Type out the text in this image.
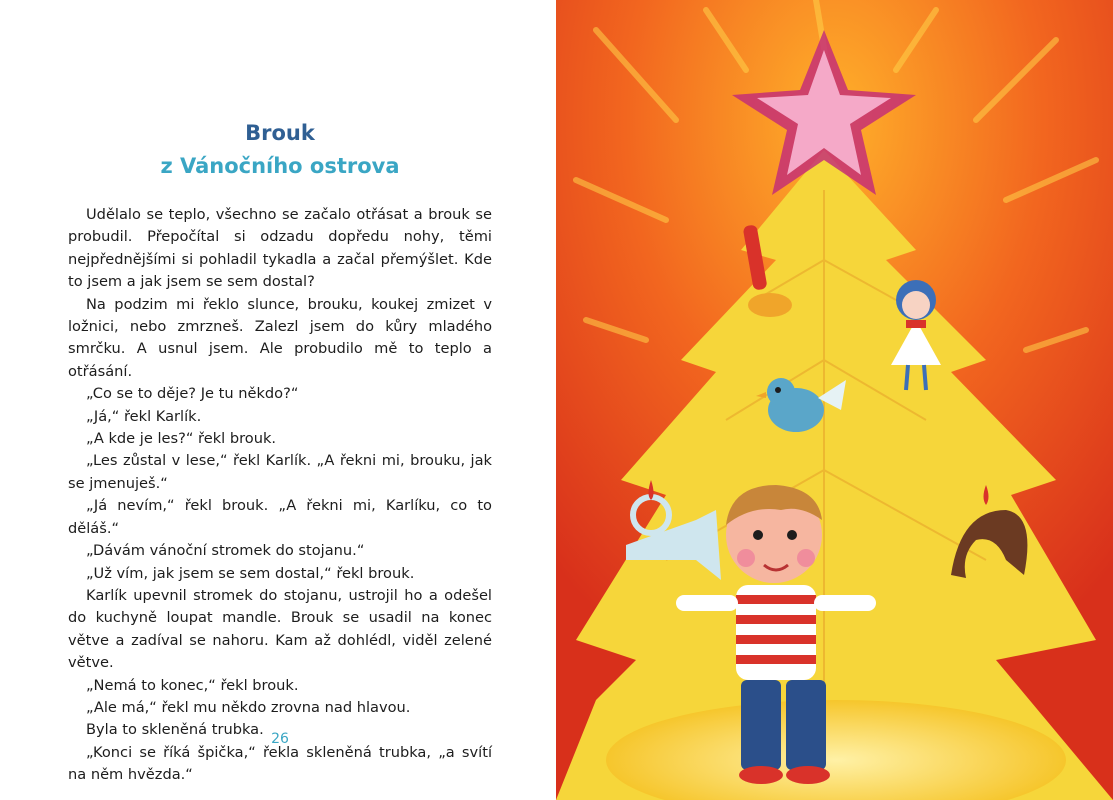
Brouk
z Vánočního ostrova

Udělalo se teplo, všechno se začalo otřásat a brouk se probudil. Přepočítal si odzadu dopředu nohy, těmi nejpřednějšími si pohladil tykadla a začal přemýšlet. Kde to jsem a jak jsem se sem dostal?

Na podzim mi řeklo slunce, brouku, koukej zmizet v ložnici, nebo zmrzneš. Zalezl jsem do kůry mladého smrčku. A usnul jsem. Ale probudilo mě to teplo a otřásání.

„Co se to děje? Je tu někdo?“

„Já,“ řekl Karlík.

„A kde je les?“ řekl brouk.

„Les zůstal v lese,“ řekl Karlík. „A řekni mi, brouku, jak se jmenuješ.“

„Já nevím,“ řekl brouk. „A řekni mi, Karlíku, co to děláš.“

„Dávám vánoční stromek do stojanu.“

„Už vím, jak jsem se sem dostal,“ řekl brouk.

Karlík upevnil stromek do stojanu, ustrojil ho a odešel do kuchyně loupat mandle. Brouk se usadil na konec větve a zadíval se nahoru. Kam až dohlédl, viděl zelené větve.

„Nemá to konec,“ řekl brouk.

„Ale má,“ řekl mu někdo zrovna nad hlavou.

Byla to skleněná trubka.

„Konci se říká špička,“ řekla skleněná trubka, „a svítí na něm hvězda.“

26
